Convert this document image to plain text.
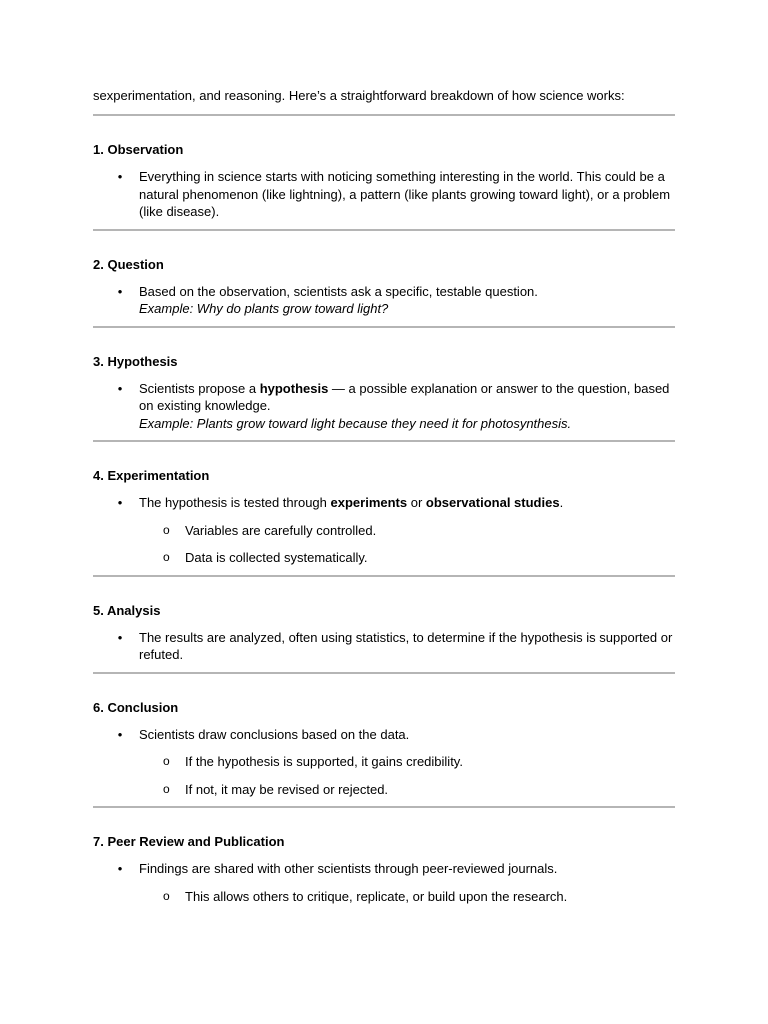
sexperimentation, and reasoning. Here’s a straightforward breakdown of how science works:

1. Observation
• Everything in science starts with noticing something interesting in the world. This could be a natural phenomenon (like lightning), a pattern (like plants growing toward light), or a problem (like disease).
2. Question
• Based on the observation, scientists ask a specific, testable question.
Example: Why do plants grow toward light?
3. Hypothesis
• Scientists propose a hypothesis — a possible explanation or answer to the question, based on existing knowledge.
Example: Plants grow toward light because they need it for photosynthesis.
4. Experimentation
• The hypothesis is tested through experiments or observational studies.
o Variables are carefully controlled.
o Data is collected systematically.
5. Analysis
• The results are analyzed, often using statistics, to determine if the hypothesis is supported or refuted.
6. Conclusion
• Scientists draw conclusions based on the data.
o If the hypothesis is supported, it gains credibility.
o If not, it may be revised or rejected.
7. Peer Review and Publication
• Findings are shared with other scientists through peer-reviewed journals.
o This allows others to critique, replicate, or build upon the research.
